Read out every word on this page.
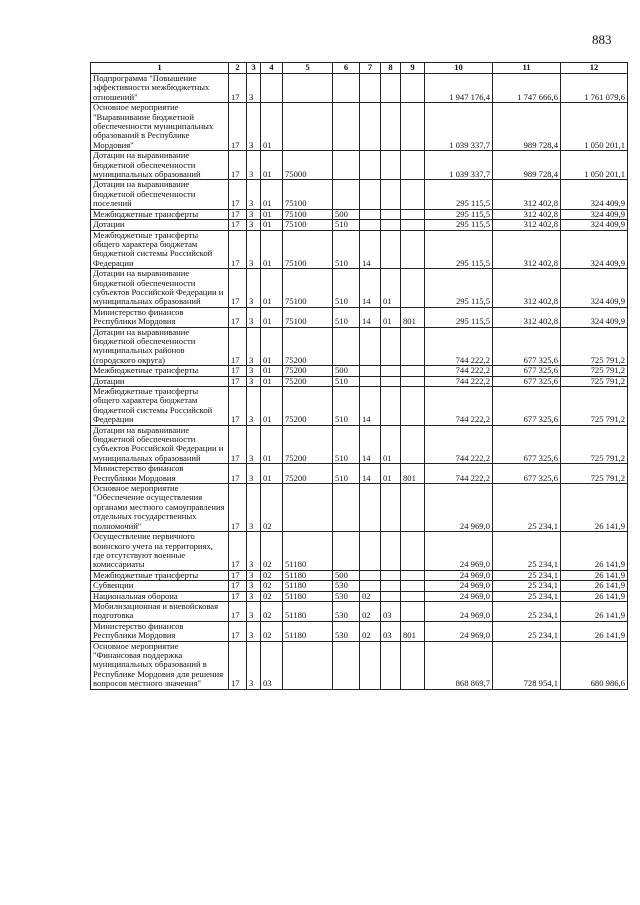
883
1	2	3	4	5	6	7	8	9	10	11	12
Подпрограмма "Повышение эффективности межбюджетных отношений"	17	3							1 947 176,4	1 747 666,6	1 761 079,6
Основное мероприятие "Выравнивание бюджетной обеспеченности муниципальных образований в Республике Мордовия"	17	3	01						1 039 337,7	989 728,4	1 050 201,1
Дотации на выравнивание бюджетной обеспеченности муниципальных образований	17	3	01	75000					1 039 337,7	989 728,4	1 050 201,1
Дотации на выравнивание бюджетной обеспеченности поселений	17	3	01	75100					295 115,5	312 402,8	324 409,9
Межбюджетные трансферты	17	3	01	75100	500				295 115,5	312 402,8	324 409,9
Дотации	17	3	01	75100	510				295 115,5	312 402,8	324 409,9
Межбюджетные трансферты общего характера бюджетам бюджетной системы Российской Федерации	17	3	01	75100	510	14			295 115,5	312 402,8	324 409,9
Дотации на выравнивание бюджетной обеспеченности субъектов Российской Федерации и муниципальных образований	17	3	01	75100	510	14	01		295 115,5	312 402,8	324 409,9
Министерство финансов Республики Мордовия	17	3	01	75100	510	14	01	801	295 115,5	312 402,8	324 409,9
Дотации на выравнивание бюджетной обеспеченности муниципальных районов (городского округа)	17	3	01	75200					744 222,2	677 325,6	725 791,2
Межбюджетные трансферты	17	3	01	75200	500				744 222,2	677 325,6	725 791,2
Дотации	17	3	01	75200	510				744 222,2	677 325,6	725 791,2
Межбюджетные трансферты общего характера бюджетам бюджетной системы Российской Федерации	17	3	01	75200	510	14			744 222,2	677 325,6	725 791,2
Дотации на выравнивание бюджетной обеспеченности субъектов Российской Федерации и муниципальных образований	17	3	01	75200	510	14	01		744 222,2	677 325,6	725 791,2
Министерство финансов Республики Мордовия	17	3	01	75200	510	14	01	801	744 222,2	677 325,6	725 791,2
Основное мероприятие "Обеспечение осуществления органами местного самоуправления отдельных государственных полномочий"	17	3	02						24 969,0	25 234,1	26 141,9
Осуществление первичного воинского учета на территориях, где отсутствуют военные комиссариаты	17	3	02	51180					24 969,0	25 234,1	26 141,9
Межбюджетные трансферты	17	3	02	51180	500				24 969,0	25 234,1	26 141,9
Субвенции	17	3	02	51180	530				24 969,0	25 234,1	26 141,9
Национальная оборона	17	3	02	51180	530	02			24 969,0	25 234,1	26 141,9
Мобилизационная и вневойсковая подготовка	17	3	02	51180	530	02	03		24 969,0	25 234,1	26 141,9
Министерство финансов Республики Мордовия	17	3	02	51180	530	02	03	801	24 969,0	25 234,1	26 141,9
Основное мероприятие "Финансовая поддержка муниципальных образований в Республике Мордовия для решения вопросов местного значения"	17	3	03						868 869,7	728 954,1	680 986,6
